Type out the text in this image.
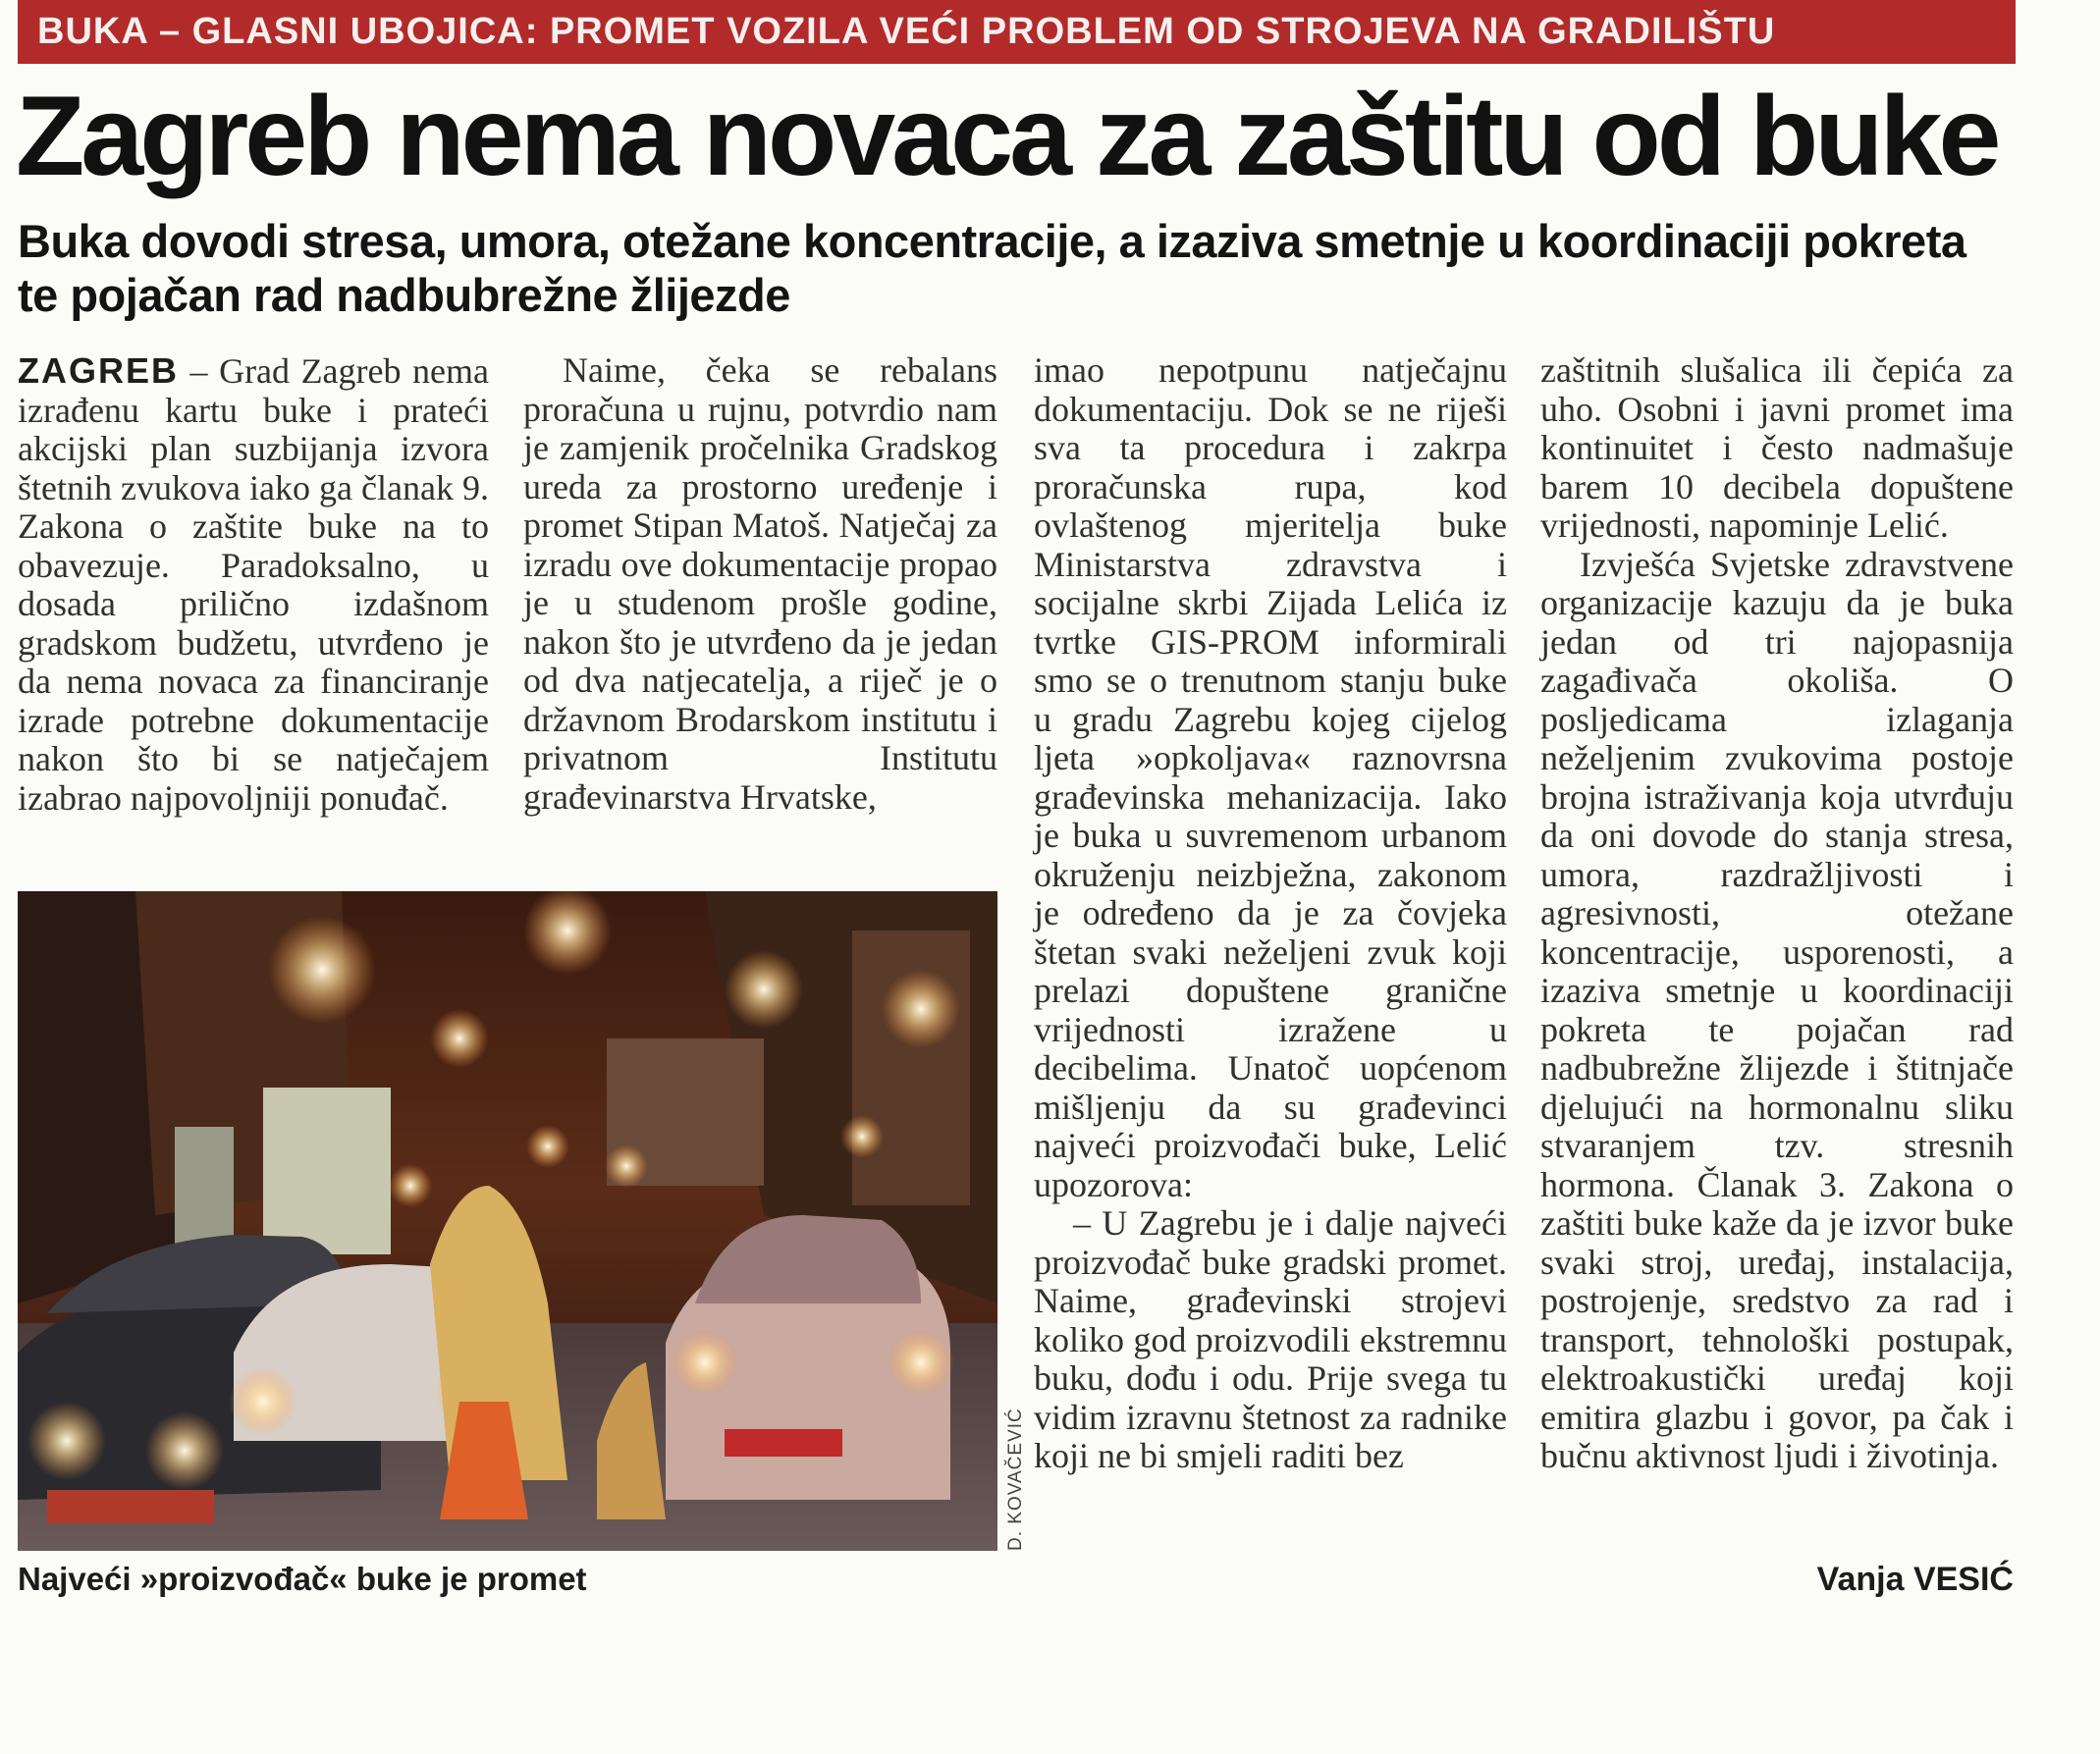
BUKA – GLASNI UBOJICA: PROMET VOZILA VEĆI PROBLEM OD STROJEVA NA GRADILIŠTU
Zagreb nema novaca za zaštitu od buke
Buka dovodi stresa, umora, otežane koncentracije, a izaziva smetnje u koordinaciji pokreta te pojačan rad nadbubrežne žlijezde

ZAGREB – Grad Zagreb nema izrađenu kartu buke i prateći akcijski plan suzbijanja izvora štetnih zvukova iako ga članak 9. Zakona o zaštite buke na to obavezuje. Paradoksalno, u dosada prilično izdašnom gradskom budžetu, utvrđeno je da nema novaca za financiranje izrade potrebne dokumentacije nakon što bi se natječajem izabrao najpovoljniji ponuđač.

Naime, čeka se rebalans proračuna u rujnu, potvrdio nam je zamjenik pročelnika Gradskog ureda za prostorno uređenje i promet Stipan Matoš. Natječaj za izradu ove dokumentacije propao je u studenom prošle godine, nakon što je utvrđeno da je jedan od dva natjecatelja, a riječ je o državnom Brodarskom institutu i privatnom Institutu građevinarstva Hrvatske,

imao nepotpunu natječajnu dokumentaciju. Dok se ne riješi sva ta procedura i zakrpa proračunska rupa, kod ovlaštenog mjeritelja buke Ministarstva zdravstva i socijalne skrbi Zijada Lelića iz tvrtke GIS-PROM informirali smo se o trenutnom stanju buke u gradu Zagrebu kojeg cijelog ljeta »opkoljava« raznovrsna građevinska mehanizacija. Iako je buka u suvremenom urbanom okruženju neizbježna, zakonom je određeno da je za čovjeka štetan svaki neželjeni zvuk koji prelazi dopuštene granične vrijednosti izražene u decibelima. Unatoč uopćenom mišljenju da su građevinci najveći proizvođači buke, Lelić upozorova:

– U Zagrebu je i dalje najveći proizvođač buke gradski promet. Naime, građevinski strojevi koliko god proizvodili ekstremnu buku, dođu i odu. Prije svega tu vidim izravnu štetnost za radnike koji ne bi smjeli raditi bez

zaštitnih slušalica ili čepića za uho. Osobni i javni promet ima kontinuitet i često nadmašuje barem 10 decibela dopuštene vrijednosti, napominje Lelić.

Izvješća Svjetske zdravstvene organizacije kazuju da je buka jedan od tri najopasnija zagađivača okoliša. O posljedicama izlaganja neželjenim zvukovima postoje brojna istraživanja koja utvrđuju da oni dovode do stanja stresa, umora, razdražljivosti i agresivnosti, otežane koncentracije, usporenosti, a izaziva smetnje u koordinaciji pokreta te pojačan rad nadbubrežne žlijezde i štitnjače djelujući na hormonalnu sliku stvaranjem tzv. stresnih hormona. Članak 3. Zakona o zaštiti buke kaže da je izvor buke svaki stroj, uređaj, instalacija, postrojenje, sredstvo za rad i transport, tehnološki postupak, elektroakustički uređaj koji emitira glazbu i govor, pa čak i bučnu aktivnost ljudi i životinja.

D. KOVAČEVIĆ
Najveći »proizvođač« buke je promet	Vanja VESIĆ
